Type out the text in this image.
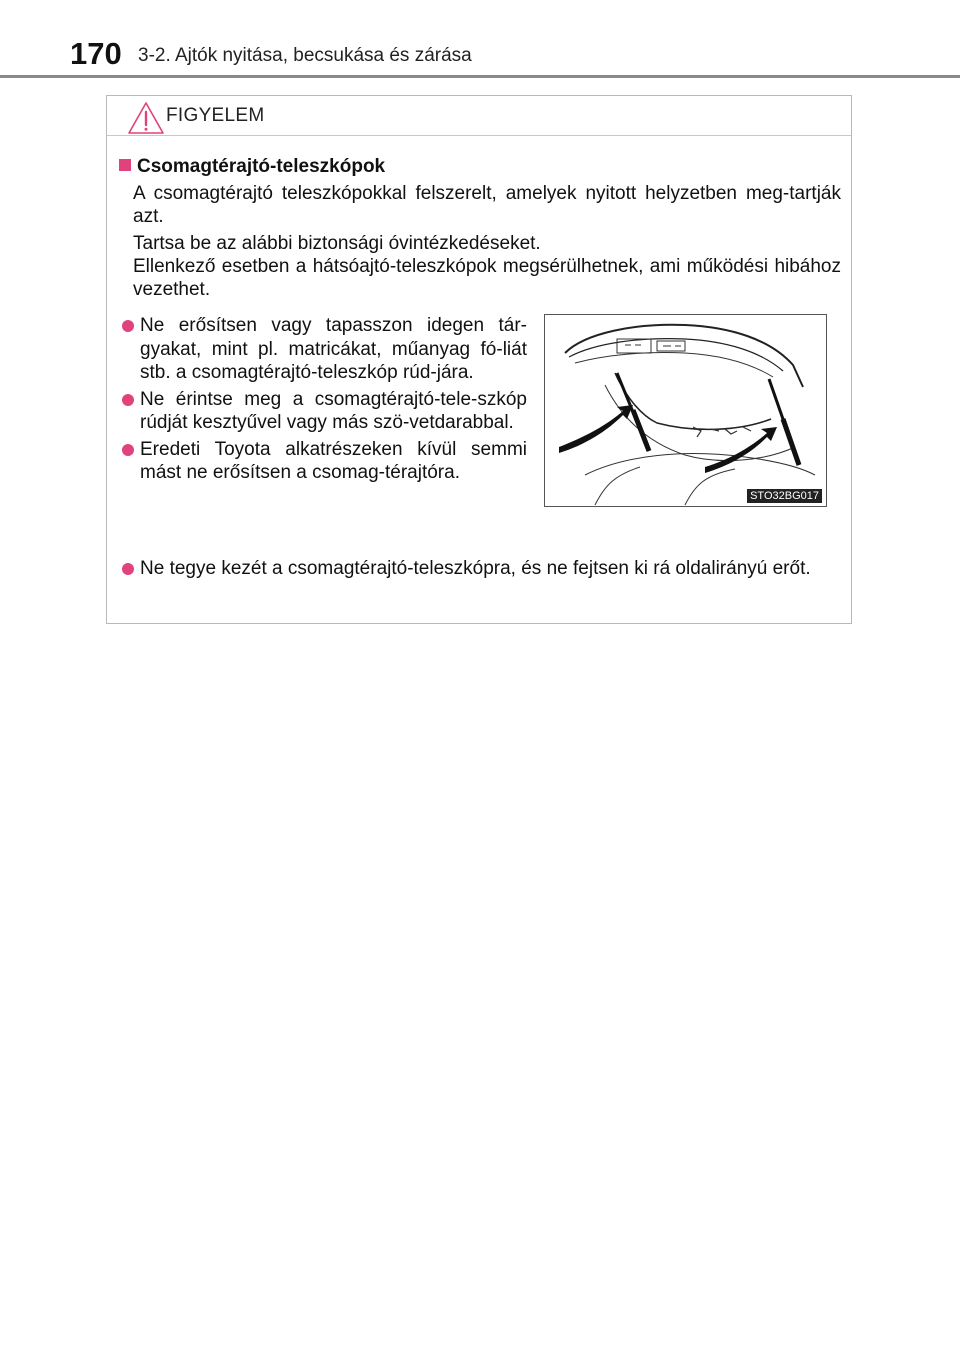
170 3-2. Ajtók nyitása, becsukása és zárása
FIGYELEM
Csomagtérajtó-teleszkópok
A csomagtérajtó teleszkópokkal felszerelt, amelyek nyitott helyzetben meg-tartják azt.
Tartsa be az alábbi biztonsági óvintézkedéseket.
Ellenkező esetben a hátsóajtó-teleszkópok megsérülhetnek, ami működési hibához vezethet.
Ne erősítsen vagy tapasszon idegen tár-gyakat, mint pl. matricákat, műanyag fó-liát stb. a csomagtérajtó-teleszkóp rúd-jára.
Ne érintse meg a csomagtérajtó-tele-szkóp rúdját kesztyűvel vagy más szö-vetdarabbal.
Eredeti Toyota alkatrészeken kívül semmi mást ne erősítsen a csomag-térajtóra.
STO32BG017
Ne tegye kezét a csomagtérajtó-teleszkópra, és ne fejtsen ki rá oldalirányú erőt.
